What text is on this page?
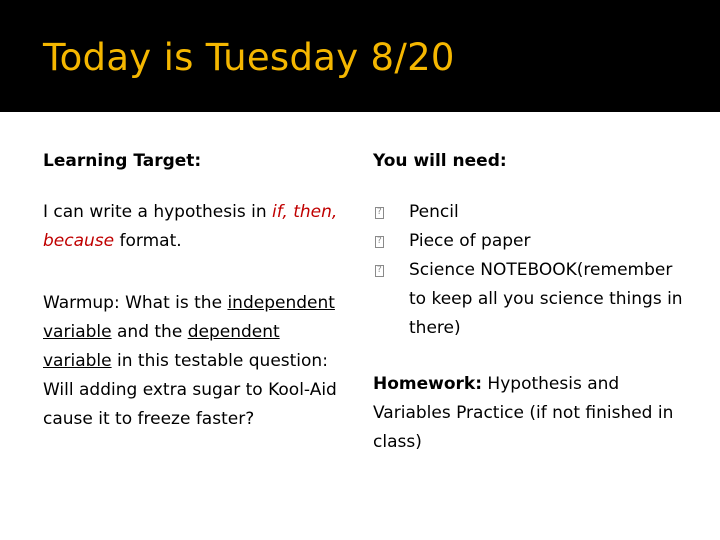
Today is Tuesday 8/20
Learning Target:
I can write a hypothesis in if, then, because format.
Warmup: What is the independent variable and the dependent variable in this testable question: Will adding extra sugar to Kool-Aid cause it to freeze faster?
You will need:
?
Pencil
?
Piece of paper
?
Science NOTEBOOK(remember to keep all you science things in there)
Homework: Hypothesis and Variables Practice (if not finished in class)
